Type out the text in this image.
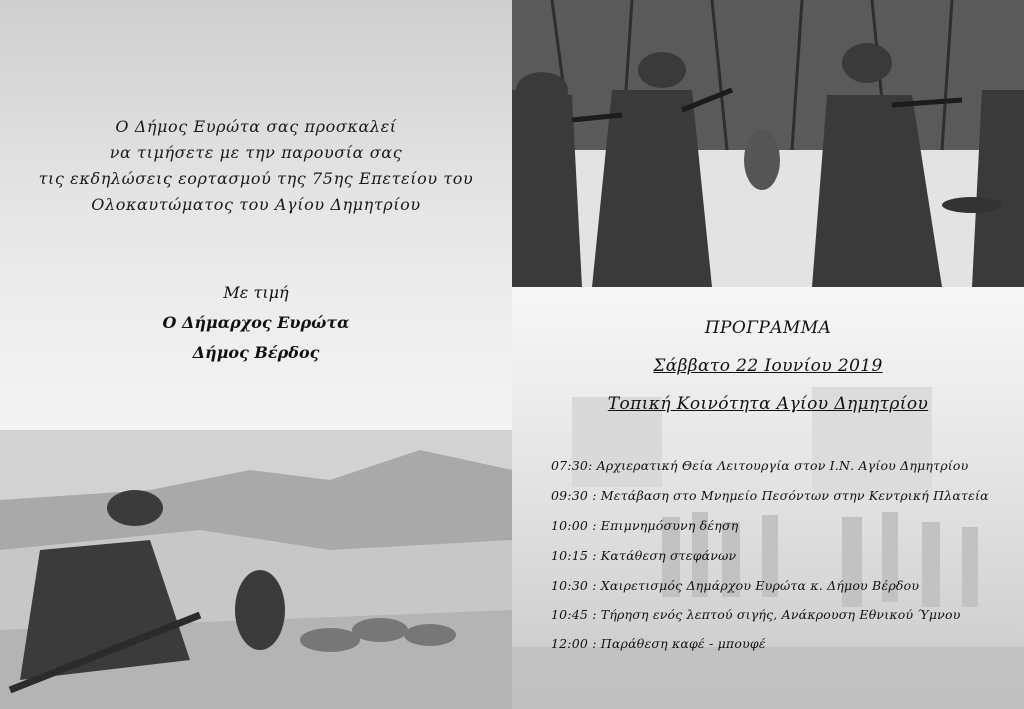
Ο Δήμος Ευρώτα σας προσκαλεί
να τιμήσετε με την παρουσία σας
τις εκδηλώσεις εορτασμού της 75ης Επετείου του
Ολοκαυτώματος του Αγίου Δημητρίου
Με τιμή
Ο Δήμαρχος Ευρώτα
Δήμος Βέρδος
ΠΡΟΓΡΑΜΜΑ
Σάββατο 22 Ιουνίου 2019
Τοπική Κοινότητα Αγίου Δημητρίου
07:30: Αρχιερατική Θεία Λειτουργία στον Ι.Ν. Αγίου Δημητρίου
09:30 : Μετάβαση στο Μνημείο Πεσόντων στην Κεντρική Πλατεία
10:00 : Επιμνημόσυνη δέηση
10:15 : Κατάθεση στεφάνων
10:30 : Χαιρετισμός Δημάρχου Ευρώτα κ. Δήμου Βέρδου
10:45 : Τήρηση ενός λεπτού σιγής, Ανάκρουση Εθνικού Ύμνου
12:00 : Παράθεση καφέ - μπουφέ
